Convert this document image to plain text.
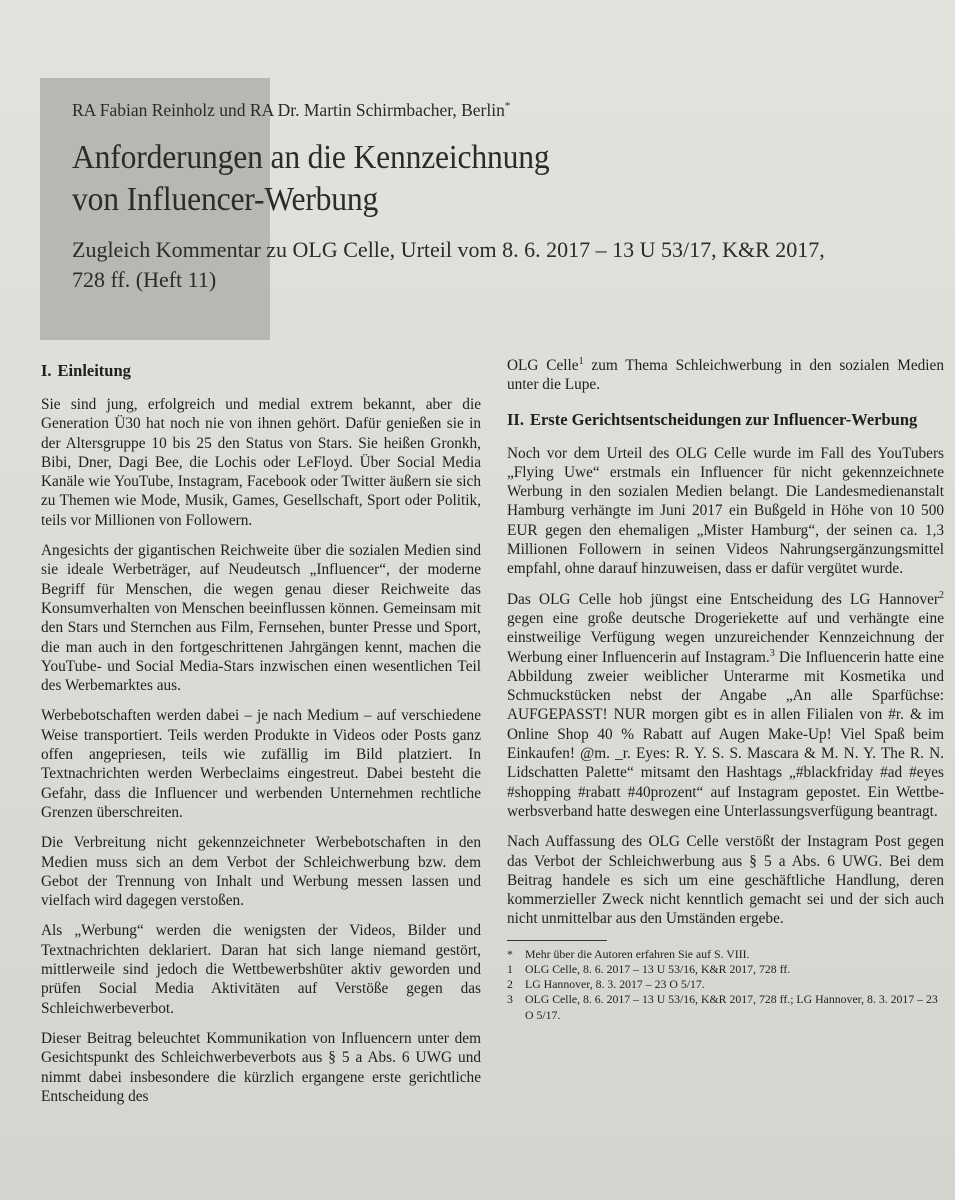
RA Fabian Reinholz und RA Dr. Martin Schirmbacher, Berlin*

Anforderungen an die Kennzeichnung
von Influencer-Werbung
Zugleich Kommentar zu OLG Celle, Urteil vom 8. 6. 2017 – 13 U 53/17, K&R 2017,
728 ff. (Heft 11)
I. Einleitung

Sie sind jung, erfolgreich und medial extrem bekannt, aber die Generation Ü30 hat noch nie von ihnen gehört. Dafür genießen sie in der Altersgruppe 10 bis 25 den Status von Stars. Sie heißen Gronkh, Bibi, Dner, Dagi Bee, die Lochis oder LeFloyd. Über Social Media Kanäle wie YouTube, Instagram, Facebook oder Twitter äußern sie sich zu Themen wie Mode, Musik, Games, Gesellschaft, Sport oder Politik, teils vor Millionen von Followern.

Angesichts der gigantischen Reichweite über die sozialen Medien sind sie ideale Werbeträger, auf Neudeutsch „Influencer“, der moderne Begriff für Menschen, die wegen genau dieser Reichweite das Konsumverhalten von Menschen beeinflussen können. Gemeinsam mit den Stars und Sternchen aus Film, Fernsehen, bunter Presse und Sport, die man auch in den fortgeschrittenen Jahrgängen kennt, machen die YouTube- und Social Media-Stars inzwischen einen wesentlichen Teil des Werbemarktes aus.

Werbebotschaften werden dabei – je nach Medium – auf verschiedene Weise transportiert. Teils werden Produkte in Videos oder Posts ganz offen angepriesen, teils wie zufällig im Bild platziert. In Textnachrichten werden Werbeclaims eingestreut. Dabei besteht die Gefahr, dass die Influencer und werbenden Unternehmen rechtliche Grenzen überschreiten.

Die Verbreitung nicht gekennzeichneter Werbebotschaften in den Medien muss sich an dem Verbot der Schleichwerbung bzw. dem Gebot der Trennung von Inhalt und Werbung messen lassen und vielfach wird dagegen verstoßen.

Als „Werbung“ werden die wenigsten der Videos, Bilder und Textnachrichten deklariert. Daran hat sich lange niemand gestört, mittlerweile sind jedoch die Wettbewerbshüter aktiv geworden und prüfen Social Media Aktivitäten auf Verstöße gegen das Schleichwerbeverbot.

Dieser Beitrag beleuchtet Kommunikation von Influencern unter dem Gesichtspunkt des Schleichwerbeverbots aus § 5 a Abs. 6 UWG und nimmt dabei insbesondere die kürzlich ergangene erste gerichtliche Entscheidung des

OLG Celle$^1$ zum Thema Schleichwerbung in den sozialen Medien unter die Lupe.

II. Erste Gerichtsentscheidungen zur Influencer-Werbung

Noch vor dem Urteil des OLG Celle wurde im Fall des YouTubers „Flying Uwe“ erstmals ein Influencer für nicht gekennzeichnete Werbung in den sozialen Medien belangt. Die Landesmedienanstalt Hamburg verhängte im Juni 2017 ein Bußgeld in Höhe von 10 500 EUR gegen den ehemaligen „Mister Hamburg“, der seinen ca. 1,3 Millionen Followern in seinen Videos Nahrungsergänzungsmittel empfahl, ohne darauf hinzuweisen, dass er dafür vergütet wurde.

Das OLG Celle hob jüngst eine Entscheidung des LG Hannover$^2$ gegen eine große deutsche Drogeriekette auf und verhängte eine einstweilige Verfügung wegen unzureichender Kennzeichnung der Werbung einer Influencerin auf Instagram.$^3$ Die Influencerin hatte eine Abbildung zweier weiblicher Unterarme mit Kosmetika und Schmuckstücken nebst der Angabe „An alle Sparfüchse: AUFGEPASST! NUR morgen gibt es in allen Filialen von #r. & im Online Shop 40 % Rabatt auf Augen Make-Up! Viel Spaß beim Einkaufen! @m. _r. Eyes: R. Y. S. S. Mascara & M. N. Y. The R. N. Lidschatten Palette“ mitsamt den Hashtags „#blackfriday #ad #eyes #shopping #rabatt #40prozent“ auf Instagram gepostet. Ein Wettbewerbsverband hatte deswegen eine Unterlassungsverfügung beantragt.

Nach Auffassung des OLG Celle verstößt der Instagram Post gegen das Verbot der Schleichwerbung aus § 5 a Abs. 6 UWG. Bei dem Beitrag handele es sich um eine geschäftliche Handlung, deren kommerzieller Zweck nicht kenntlich gemacht sei und der sich auch nicht unmittelbar aus den Umständen ergebe.

*	Mehr über die Autoren erfahren Sie auf S. VIII.
1	OLG Celle, 8. 6. 2017 – 13 U 53/16, K&R 2017, 728 ff.
2	LG Hannover, 8. 3. 2017 – 23 O 5/17.
3	OLG Celle, 8. 6. 2017 – 13 U 53/16, K&R 2017, 728 ff.; LG Hannover, 8. 3. 2017 – 23 O 5/17.
